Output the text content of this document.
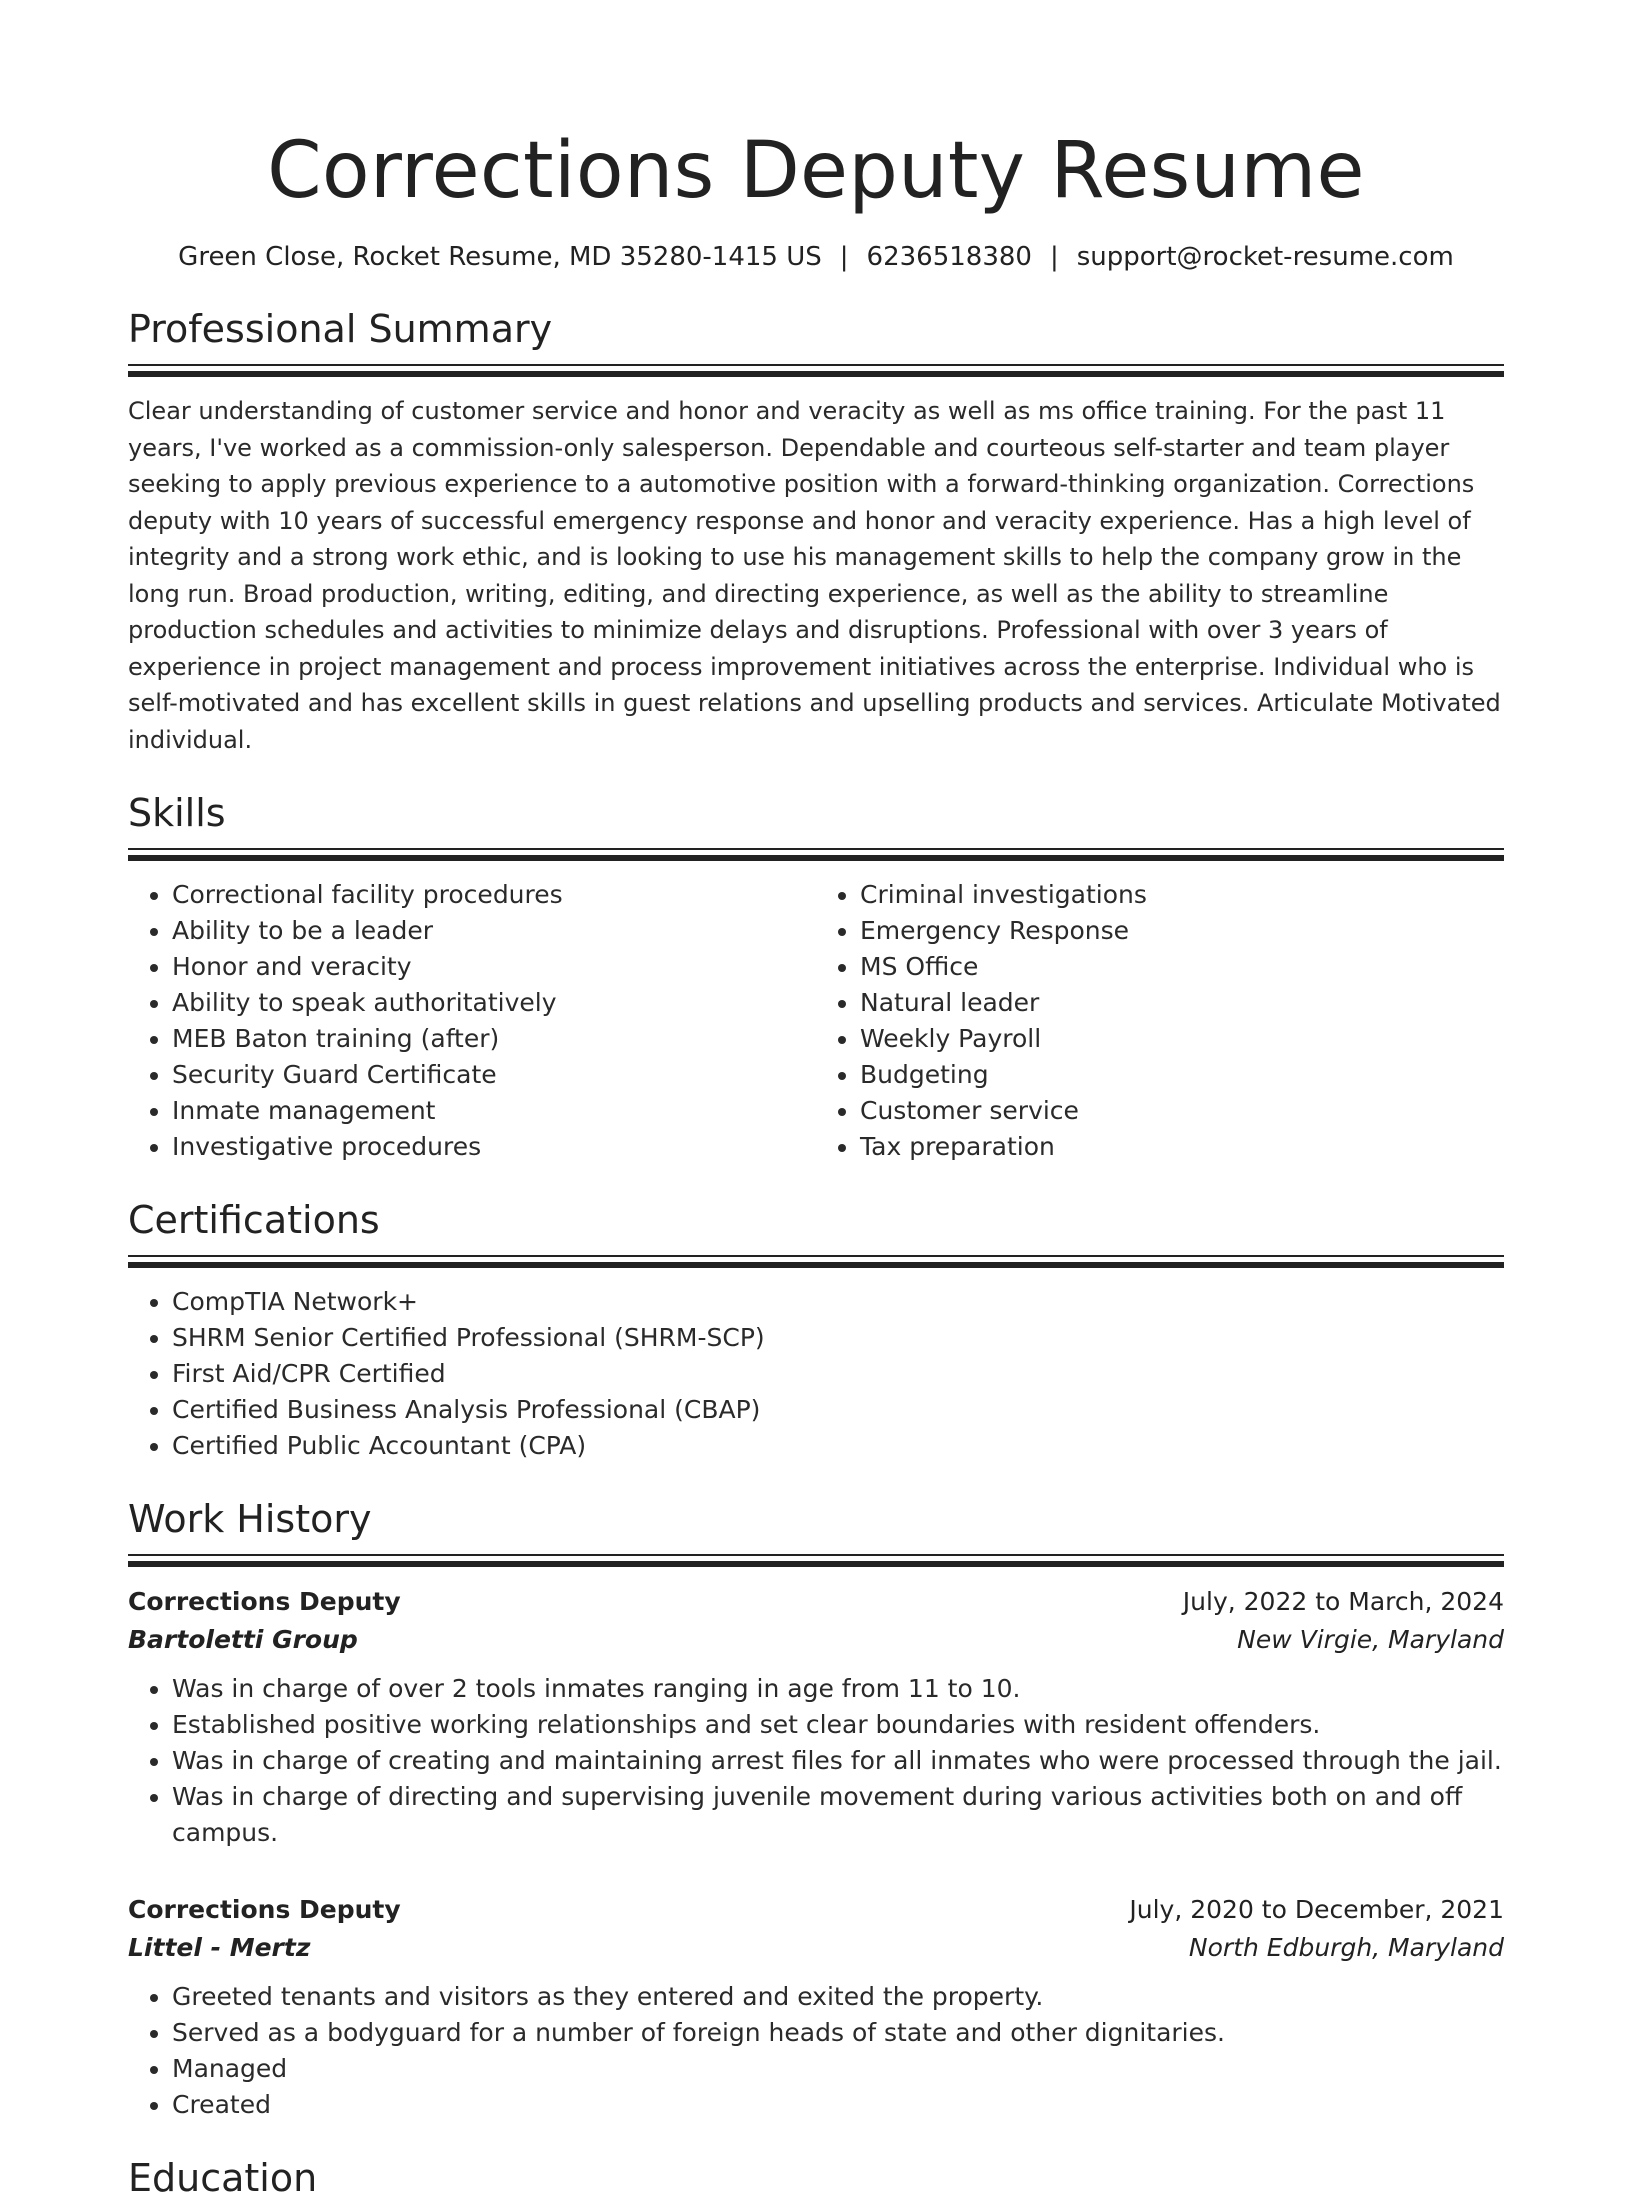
Corrections Deputy Resume
Green Close, Rocket Resume, MD 35280-1415 US | 6236518380 | support@rocket-resume.com
Professional Summary

Clear understanding of customer service and honor and veracity as well as ms office training. For the past 11 years, I've worked as a commission-only salesperson. Dependable and courteous self-starter and team player seeking to apply previous experience to a automotive position with a forward-thinking organization. Corrections deputy with 10 years of successful emergency response and honor and veracity experience. Has a high level of integrity and a strong work ethic, and is looking to use his management skills to help the company grow in the long run. Broad production, writing, editing, and directing experience, as well as the ability to streamline production schedules and activities to minimize delays and disruptions. Professional with over 3 years of experience in project management and process improvement initiatives across the enterprise. Individual who is self-motivated and has excellent skills in guest relations and upselling products and services. Articulate Motivated individual.

Skills
• Correctional facility procedures
• Ability to be a leader
• Honor and veracity
• Ability to speak authoritatively
• MEB Baton training (after)
• Security Guard Certificate
• Inmate management
• Investigative procedures
• Criminal investigations
• Emergency Response
• MS Office
• Natural leader
• Weekly Payroll
• Budgeting
• Customer service
• Tax preparation
Certifications
• CompTIA Network+
• SHRM Senior Certified Professional (SHRM-SCP)
• First Aid/CPR Certified
• Certified Business Analysis Professional (CBAP)
• Certified Public Accountant (CPA)
Work History
Corrections Deputy	July, 2022 to March, 2024
Bartoletti Group	New Virgie, Maryland
• Was in charge of over 2 tools inmates ranging in age from 11 to 10.
• Established positive working relationships and set clear boundaries with resident offenders.
• Was in charge of creating and maintaining arrest files for all inmates who were processed through the jail.
• Was in charge of directing and supervising juvenile movement during various activities both on and off campus.
Corrections Deputy	July, 2020 to December, 2021
Littel - Mertz	North Edburgh, Maryland
• Greeted tenants and visitors as they entered and exited the property.
• Served as a bodyguard for a number of foreign heads of state and other dignitaries.
• Managed
• Created
Education
